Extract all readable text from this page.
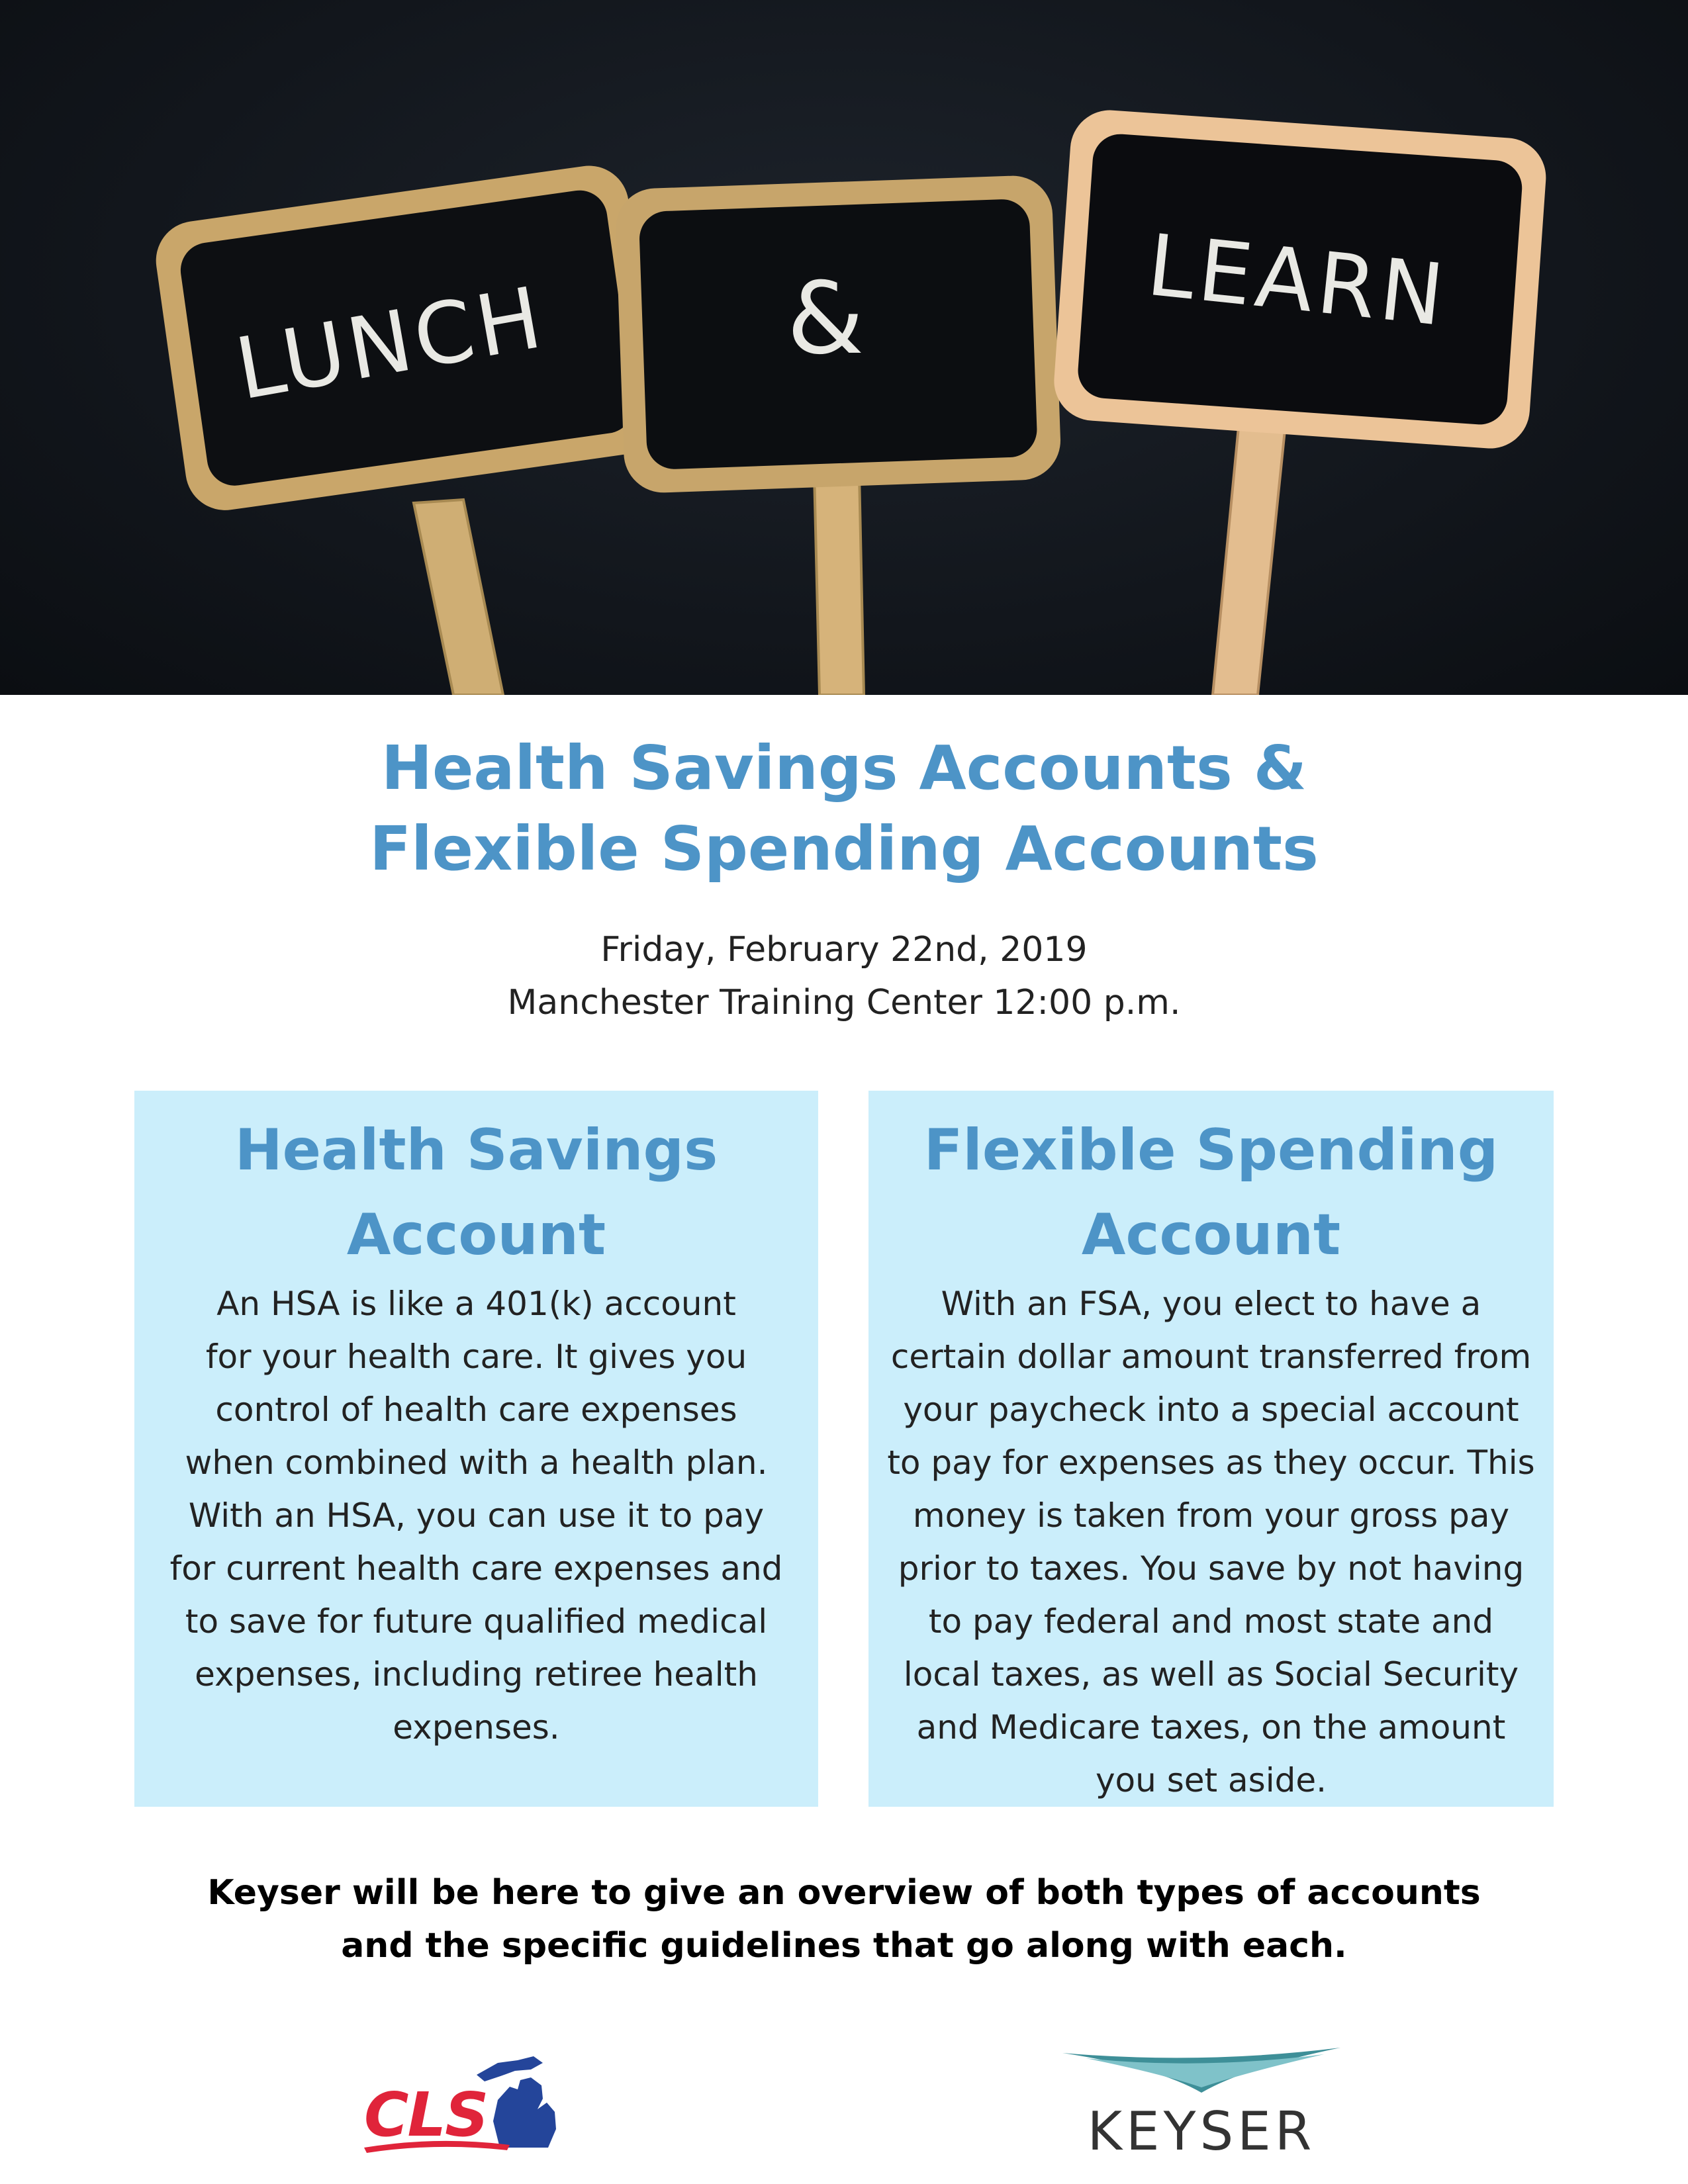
LUNCH &	LEARN
Health Savings Accounts &
Flexible Spending Accounts
Friday, February 22nd, 2019
Manchester Training Center 12:00 p.m.
Health Savings
Account
An HSA is like a 401(k) account
for your health care. It gives you
control of health care expenses
when combined with a health plan.
With an HSA, you can use it to pay
for current health care expenses and
to save for future qualified medical
expenses, including retiree health
expenses.
Flexible Spending
Account
With an FSA, you elect to have a
certain dollar amount transferred from
your paycheck into a special account
to pay for expenses as they occur. This
money is taken from your gross pay
prior to taxes. You save by not having
to pay federal and most state and
local taxes, as well as Social Security
and Medicare taxes, on the amount
you set aside.
Keyser will be here to give an overview of both types of accounts
and the specific guidelines that go along with each.
CLS	KEYSER
